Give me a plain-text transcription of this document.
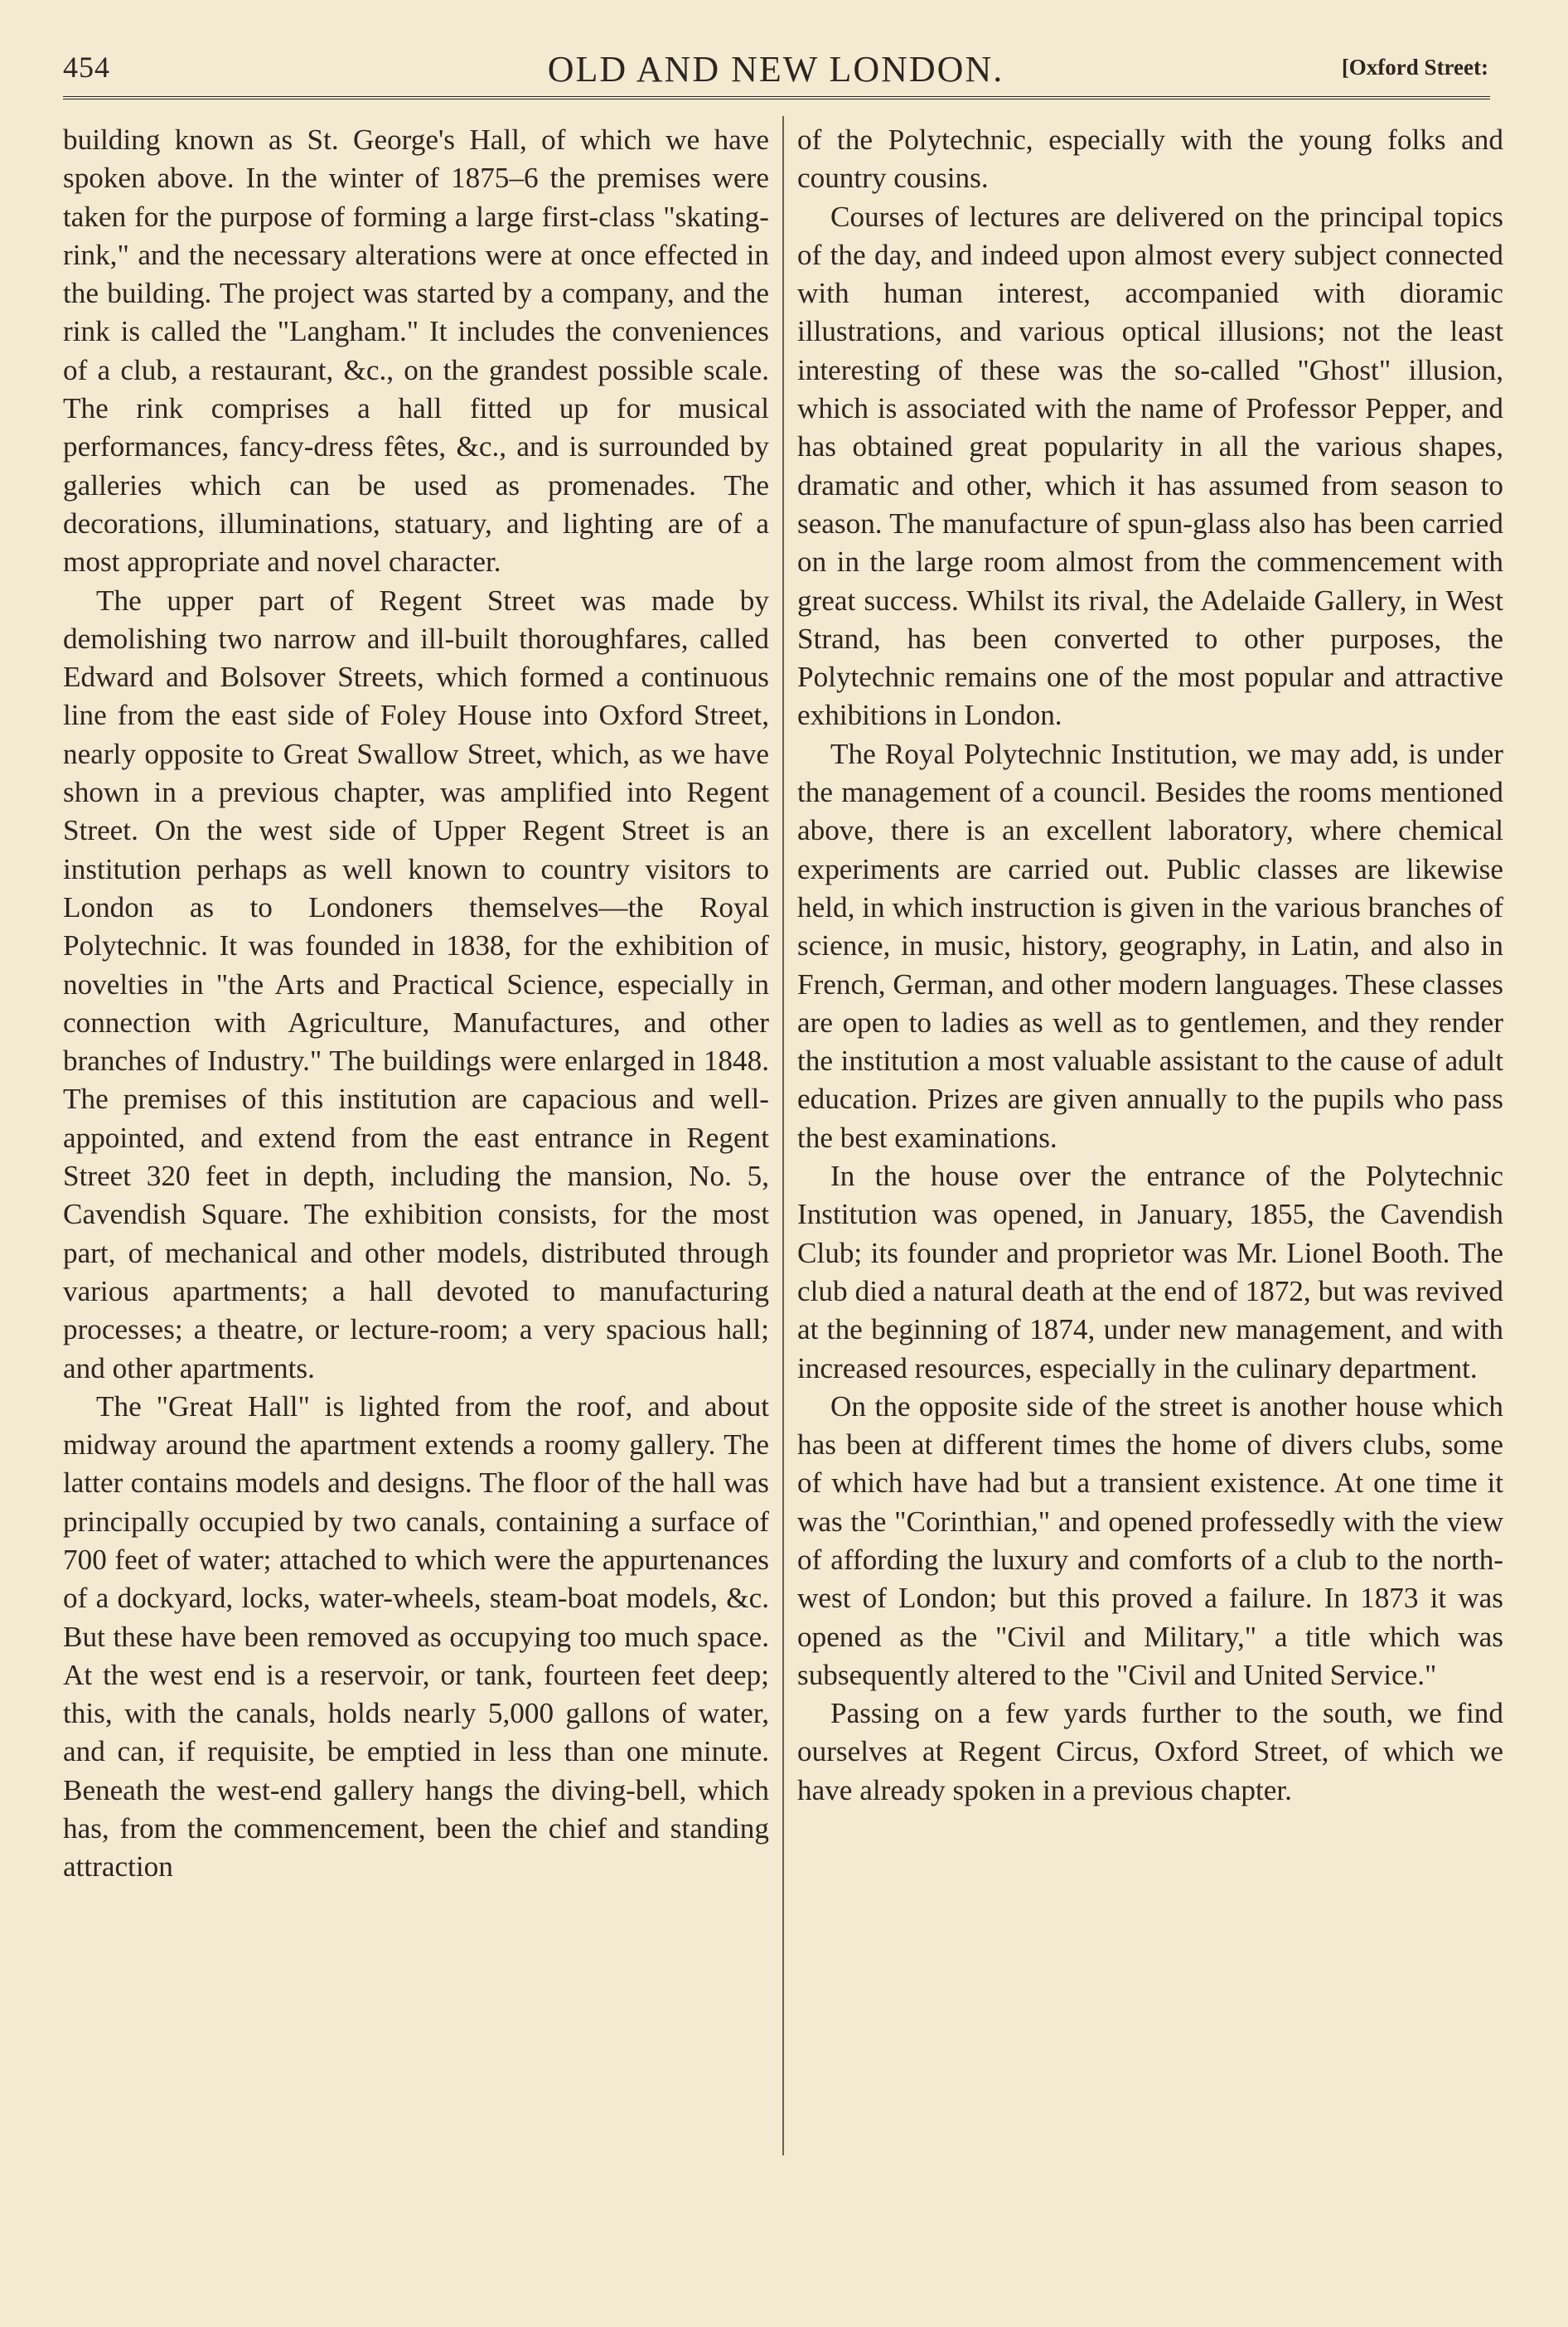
454	OLD AND NEW LONDON.	[Oxford Street:

building known as St. George's Hall, of which we have spoken above. In the winter of 1875–6 the premises were taken for the purpose of forming a large first-class "skating-rink," and the necessary alterations were at once effected in the building. The project was started by a company, and the rink is called the "Langham." It includes the conveniences of a club, a restaurant, &c., on the grandest possible scale. The rink comprises a hall fitted up for musical performances, fancy-dress fêtes, &c., and is surrounded by galleries which can be used as promenades. The decorations, illuminations, statuary, and lighting are of a most appropriate and novel character.

The upper part of Regent Street was made by demolishing two narrow and ill-built thoroughfares, called Edward and Bolsover Streets, which formed a continuous line from the east side of Foley House into Oxford Street, nearly opposite to Great Swallow Street, which, as we have shown in a previous chapter, was amplified into Regent Street. On the west side of Upper Regent Street is an institution perhaps as well known to country visitors to London as to Londoners themselves—the Royal Polytechnic. It was founded in 1838, for the exhibition of novelties in "the Arts and Practical Science, especially in connection with Agriculture, Manufactures, and other branches of Industry." The buildings were enlarged in 1848. The premises of this institution are capacious and well-appointed, and extend from the east entrance in Regent Street 320 feet in depth, including the mansion, No. 5, Cavendish Square. The exhibition consists, for the most part, of mechanical and other models, distributed through various apartments; a hall devoted to manufacturing processes; a theatre, or lecture-room; a very spacious hall; and other apartments.

The "Great Hall" is lighted from the roof, and about midway around the apartment extends a roomy gallery. The latter contains models and designs. The floor of the hall was principally occupied by two canals, containing a surface of 700 feet of water; attached to which were the appurtenances of a dockyard, locks, water-wheels, steam-boat models, &c. But these have been removed as occupying too much space. At the west end is a reservoir, or tank, fourteen feet deep; this, with the canals, holds nearly 5,000 gallons of water, and can, if requisite, be emptied in less than one minute. Beneath the west-end gallery hangs the diving-bell, which has, from the commencement, been the chief and standing attraction

of the Polytechnic, especially with the young folks and country cousins.

Courses of lectures are delivered on the principal topics of the day, and indeed upon almost every subject connected with human interest, accompanied with dioramic illustrations, and various optical illusions; not the least interesting of these was the so-called "Ghost" illusion, which is associated with the name of Professor Pepper, and has obtained great popularity in all the various shapes, dramatic and other, which it has assumed from season to season. The manufacture of spun-glass also has been carried on in the large room almost from the commencement with great success. Whilst its rival, the Adelaide Gallery, in West Strand, has been converted to other purposes, the Polytechnic remains one of the most popular and attractive exhibitions in London.

The Royal Polytechnic Institution, we may add, is under the management of a council. Besides the rooms mentioned above, there is an excellent laboratory, where chemical experiments are carried out. Public classes are likewise held, in which instruction is given in the various branches of science, in music, history, geography, in Latin, and also in French, German, and other modern languages. These classes are open to ladies as well as to gentlemen, and they render the institution a most valuable assistant to the cause of adult education. Prizes are given annually to the pupils who pass the best examinations.

In the house over the entrance of the Polytechnic Institution was opened, in January, 1855, the Cavendish Club; its founder and proprietor was Mr. Lionel Booth. The club died a natural death at the end of 1872, but was revived at the beginning of 1874, under new management, and with increased resources, especially in the culinary department.

On the opposite side of the street is another house which has been at different times the home of divers clubs, some of which have had but a transient existence. At one time it was the "Corinthian," and opened professedly with the view of affording the luxury and comforts of a club to the north-west of London; but this proved a failure. In 1873 it was opened as the "Civil and Military," a title which was subsequently altered to the "Civil and United Service."

Passing on a few yards further to the south, we find ourselves at Regent Circus, Oxford Street, of which we have already spoken in a previous chapter.
